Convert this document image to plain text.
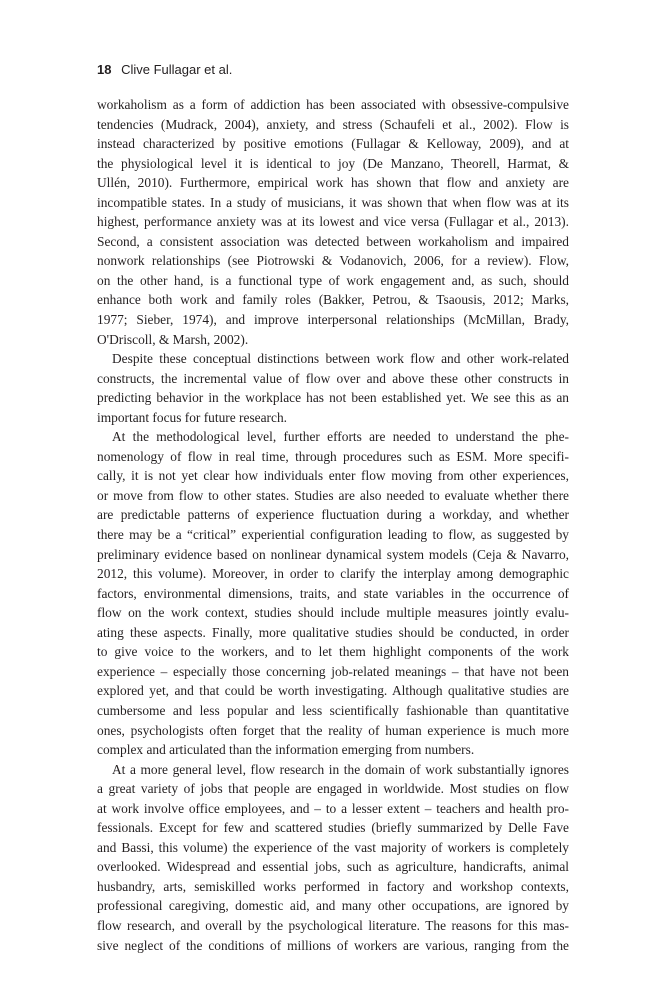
18 Clive Fullagar et al.
workaholism as a form of addiction has been associated with obsessive-compulsive
tendencies (Mudrack, 2004), anxiety, and stress (Schaufeli et al., 2002). Flow is
instead characterized by positive emotions (Fullagar & Kelloway, 2009), and at
the physiological level it is identical to joy (De Manzano, Theorell, Harmat, &
Ullén, 2010). Furthermore, empirical work has shown that flow and anxiety are
incompatible states. In a study of musicians, it was shown that when flow was at its
highest, performance anxiety was at its lowest and vice versa (Fullagar et al., 2013).
Second, a consistent association was detected between workaholism and impaired
nonwork relationships (see Piotrowski & Vodanovich, 2006, for a review). Flow,
on the other hand, is a functional type of work engagement and, as such, should
enhance both work and family roles (Bakker, Petrou, & Tsaousis, 2012; Marks,
1977; Sieber, 1974), and improve interpersonal relationships (McMillan, Brady,
O'Driscoll, & Marsh, 2002).
Despite these conceptual distinctions between work flow and other work-related
constructs, the incremental value of flow over and above these other constructs in
predicting behavior in the workplace has not been established yet. We see this as an
important focus for future research.
At the methodological level, further efforts are needed to understand the phe-
nomenology of flow in real time, through procedures such as ESM. More specifi-
cally, it is not yet clear how individuals enter flow moving from other experiences,
or move from flow to other states. Studies are also needed to evaluate whether there
are predictable patterns of experience fluctuation during a workday, and whether
there may be a “critical” experiential configuration leading to flow, as suggested by
preliminary evidence based on nonlinear dynamical system models (Ceja & Navarro,
2012, this volume). Moreover, in order to clarify the interplay among demographic
factors, environmental dimensions, traits, and state variables in the occurrence of
flow on the work context, studies should include multiple measures jointly evalu-
ating these aspects. Finally, more qualitative studies should be conducted, in order
to give voice to the workers, and to let them highlight components of the work
experience – especially those concerning job-related meanings – that have not been
explored yet, and that could be worth investigating. Although qualitative studies are
cumbersome and less popular and less scientifically fashionable than quantitative
ones, psychologists often forget that the reality of human experience is much more
complex and articulated than the information emerging from numbers.
At a more general level, flow research in the domain of work substantially ignores
a great variety of jobs that people are engaged in worldwide. Most studies on flow
at work involve office employees, and – to a lesser extent – teachers and health pro-
fessionals. Except for few and scattered studies (briefly summarized by Delle Fave
and Bassi, this volume) the experience of the vast majority of workers is completely
overlooked. Widespread and essential jobs, such as agriculture, handicrafts, animal
husbandry, arts, semiskilled works performed in factory and workshop contexts,
professional caregiving, domestic aid, and many other occupations, are ignored by
flow research, and overall by the psychological literature. The reasons for this mas-
sive neglect of the conditions of millions of workers are various, ranging from the
